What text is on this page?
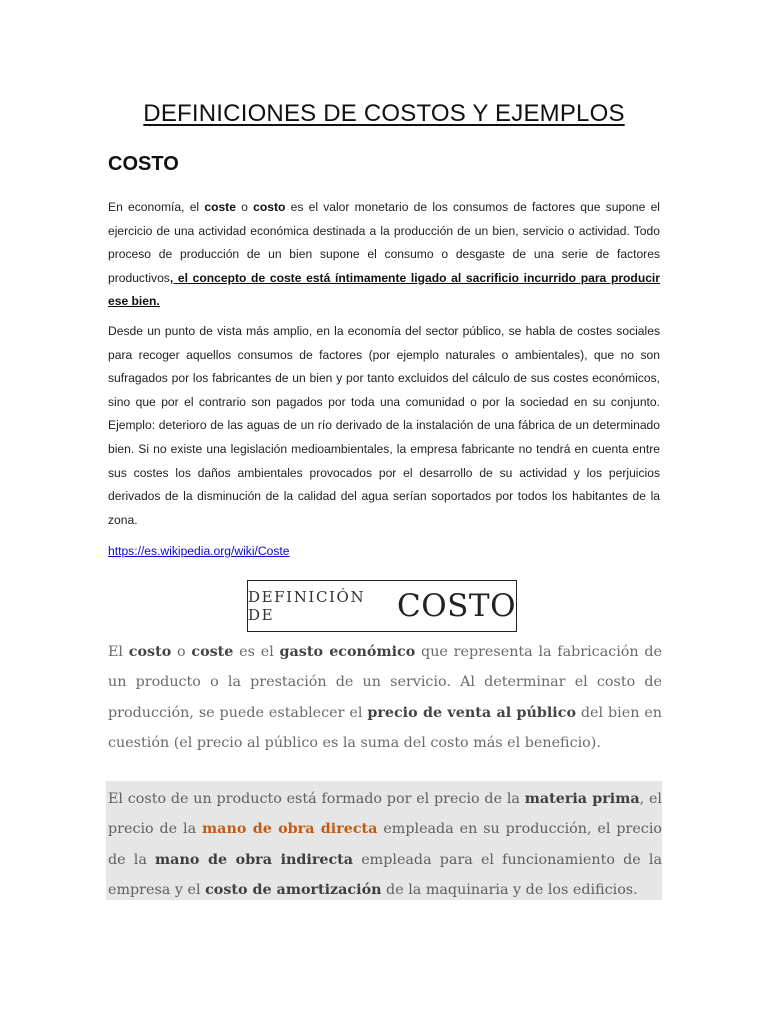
DEFINICIONES DE COSTOS Y EJEMPLOS
COSTO

En economía, el coste o costo es el valor monetario de los consumos de factores que supone el ejercicio de una actividad económica destinada a la producción de un bien, servicio o actividad. Todo proceso de producción de un bien supone el consumo o desgaste de una serie de factores productivos, el concepto de coste está íntimamente ligado al sacrificio incurrido para producir ese bien.

Desde un punto de vista más amplio, en la economía del sector público, se habla de costes sociales para recoger aquellos consumos de factores (por ejemplo naturales o ambientales), que no son sufragados por los fabricantes de un bien y por tanto excluidos del cálculo de sus costes económicos, sino que por el contrario son pagados por toda una comunidad o por la sociedad en su conjunto. Ejemplo: deterioro de las aguas de un río derivado de la instalación de una fábrica de un determinado bien. Si no existe una legislación medioambientales, la empresa fabricante no tendrá en cuenta entre sus costes los daños ambientales provocados por el desarrollo de su actividad y los perjuicios derivados de la disminución de la calidad del agua serían soportados por todos los habitantes de la zona.

https://es.wikipedia.org/wiki/Coste
DEFINICIÓN DE	COSTO

El costo o coste es el gasto económico que representa la fabricación de un producto o la prestación de un servicio. Al determinar el costo de producción, se puede establecer el precio de venta al público del bien en cuestión (el precio al público es la suma del costo más el beneficio).

El costo de un producto está formado por el precio de la materia prima, el precio de la mano de obra directa empleada en su producción, el precio de la mano de obra indirecta empleada para el funcionamiento de la empresa y el costo de amortización de la maquinaria y de los edificios.
